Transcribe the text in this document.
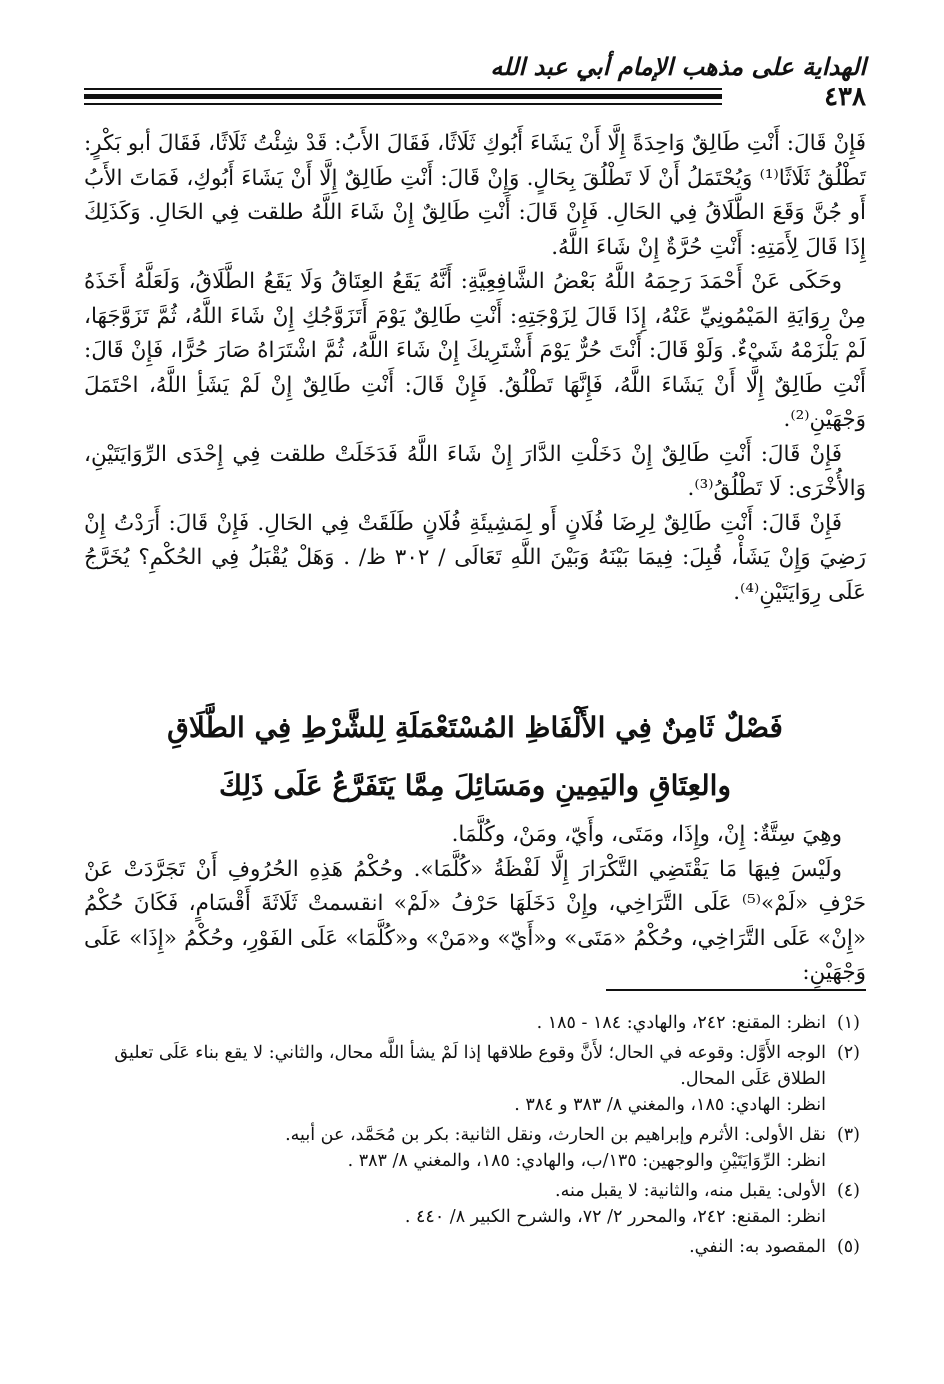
الهداية على مذهب الإمام أبي عبد الله
٤٣٨

فَإِنْ قَالَ: أَنْتِ طَالِقٌ وَاحِدَةً إِلَّا أَنْ يَشَاءَ أَبُوكِ ثَلَاثًا، فَقَالَ الأَبُ: قَدْ شِئْتُ ثَلَاثًا، فَقَالَ أبو بَكْرٍ: تَطْلُقُ ثَلَاثًا⁽¹⁾ وَيُحْتَمَلُ أَنْ لَا تَطْلُقَ بِحَالٍ. وَإِنْ قَالَ: أَنْتِ طَالِقٌ إِلَّا أَنْ يَشَاءَ أَبُوكِ، فَمَاتَ الأَبُ أَو جُنَّ وَقَعَ الطَّلَاقُ فِي الحَالِ. فَإِنْ قَالَ: أَنْتِ طَالِقٌ إِنْ شَاءَ اللَّهُ طلقت فِي الحَالِ. وَكَذَلِكَ إِذَا قَالَ لِأَمَتِهِ: أَنْتِ حُرَّةٌ إِنْ شَاءَ اللَّهُ.

وحَكَى عَنْ أَحْمَدَ رَحِمَهُ اللَّهُ بَعْضُ الشَّافِعِيَّةِ: أَنَّهُ يَقَعُ العِتَاقُ وَلَا يَقَعُ الطَّلَاقُ، وَلَعَلَّهُ أَخَذَهُ مِنْ رِوَايَةِ المَيْمُونِيِّ عَنْهُ، إِذَا قَالَ لِزَوْجَتِهِ: أَنْتِ طَالِقٌ يَوْمَ أَتَزَوَّجُكِ إِنْ شَاءَ اللَّهُ، ثُمَّ تَزَوَّجَهَا، لَمْ يَلْزَمْهُ شَيْءٌ. وَلَوْ قَالَ: أَنْتَ حُرٌّ يَوْمَ أَشْتَرِيكَ إِنْ شَاءَ اللَّهُ، ثُمَّ اشْتَرَاهُ صَارَ حُرًّا، فَإِنْ قَالَ: أَنْتِ طَالِقٌ إِلَّا أَنْ يَشَاءَ اللَّهُ، فَإِنَّهَا تَطْلُقُ. فَإِنْ قَالَ: أَنْتِ طَالِقٌ إِنْ لَمْ يَشَأِ اللَّهُ، احْتَمَلَ وَجْهَيْنِ⁽²⁾.

فَإِنْ قَالَ: أَنْتِ طَالِقٌ إِنْ دَخَلْتِ الدَّارَ إِنْ شَاءَ اللَّهُ فَدَخَلَتْ طلقت فِي إِحْدَى الرِّوَايَتَيْنِ، وَالأُخْرَى: لَا تَطْلُقُ⁽³⁾.

فَإِنْ قَالَ: أَنْتِ طَالِقٌ لِرِضَا فُلَانٍ أَو لِمَشِيئَةِ فُلَانٍ طَلَقَتْ فِي الحَالِ. فَإِنْ قَالَ: أَرَدْتُ إِنْ رَضِيَ وَإِنْ يَشَأْ، قُبِلَ: فِيمَا بَيْنَهُ وَبَيْنَ اللَّهِ تَعَالَى / ٣٠٢ ظ/ . وَهَلْ يُقْبَلُ فِي الحُكْمِ؟ يُخَرَّجُ عَلَى رِوَايَتَيْنِ⁽⁴⁾.

فَصْلٌ ثَامِنٌ فِي الأَلْفَاظِ المُسْتَعْمَلَةِ لِلشَّرْطِ فِي الطَّلَاقِ
والعِتَاقِ واليَمِينِ ومَسَائِلَ مِمَّا يَتَفَرَّعُ عَلَى ذَلِكَ

وهِيَ سِتَّةٌ: إِنْ، وإِذَا، ومَتَى، وأَيّ، ومَنْ، وكُلَّمَا.

ولَيْسَ فِيهَا مَا يَقْتَضِي التَّكْرَارَ إِلَّا لَفْظَةُ «كُلَّمَا». وحُكْمُ هَذِهِ الحُرُوفِ أَنْ تَجَرَّدَتْ عَنْ حَرْفِ «لَمْ»⁽⁵⁾ عَلَى التَّرَاخِي، وإِنْ دَخَلَهَا حَرْفُ «لَمْ» انقسمتْ ثَلَاثَةَ أَقْسَامٍ، فَكَانَ حُكْمُ «إِنْ» عَلَى التَّرَاخِي، وحُكْمُ «مَتَى» و«أَيّ» و«مَنْ» و«كُلَّمَا» عَلَى الفَوْرِ، وحُكْمُ «إِذَا» عَلَى وَجْهَيْنِ:

(١)
انظر: المقنع: ٢٤٢، والهادي: ١٨٤ - ١٨٥ .
(٢)
الوجه الأَوَّل: وقوعه في الحال؛ لأَنَّ وقوع طلاقها إذا لَمْ يشأ اللَّه محال، والثاني: لا يقع بناء عَلَى تعليق الطلاق عَلَى المحال.
انظر: الهادي: ١٨٥، والمغني ٨/ ٣٨٣ و ٣٨٤ .
(٣)
نقل الأولى: الأثرم وإبراهيم بن الحارث، ونقل الثانية: بكر بن مُحَمَّد، عن أبيه.
انظر: الرِّوَايَتَيْنِ والوجهين: ١٣٥/ب، والهادي: ١٨٥، والمغني ٨/ ٣٨٣ .
(٤)
الأولى: يقبل منه، والثانية: لا يقبل منه.
انظر: المقنع: ٢٤٢، والمحرر ٢/ ٧٢، والشرح الكبير ٨/ ٤٤٠ .
(٥)
المقصود به: النفي.
